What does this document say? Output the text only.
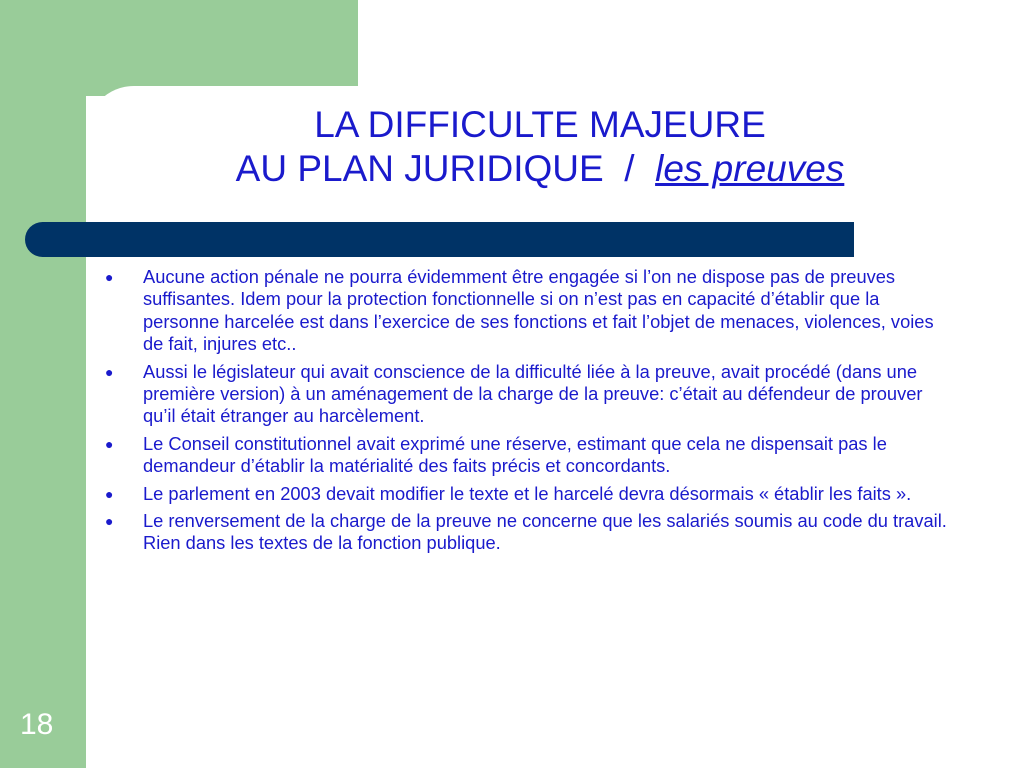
LA DIFFICULTE MAJEURE
AU PLAN JURIDIQUE  /  les preuves
● Aucune action pénale ne pourra évidemment être engagée si l’on ne dispose pas de preuves suffisantes. Idem pour la protection fonctionnelle si on n’est pas en capacité d’établir que la personne harcelée est dans l’exercice de ses fonctions et fait l’objet de menaces, violences, voies de fait, injures etc..
● Aussi le législateur qui avait conscience de la difficulté liée à la preuve, avait procédé (dans une première version) à un aménagement de la charge de la preuve: c’était au défendeur de prouver qu’il était étranger au harcèlement.
● Le Conseil constitutionnel avait exprimé une réserve, estimant que cela ne dispensait pas le demandeur d’établir la matérialité des faits précis et concordants.
● Le parlement en 2003 devait modifier le texte et le harcelé devra désormais « établir les faits ».
● Le renversement de la charge de la preuve ne concerne que les salariés soumis au code du travail. Rien dans les textes de la fonction publique.
18
